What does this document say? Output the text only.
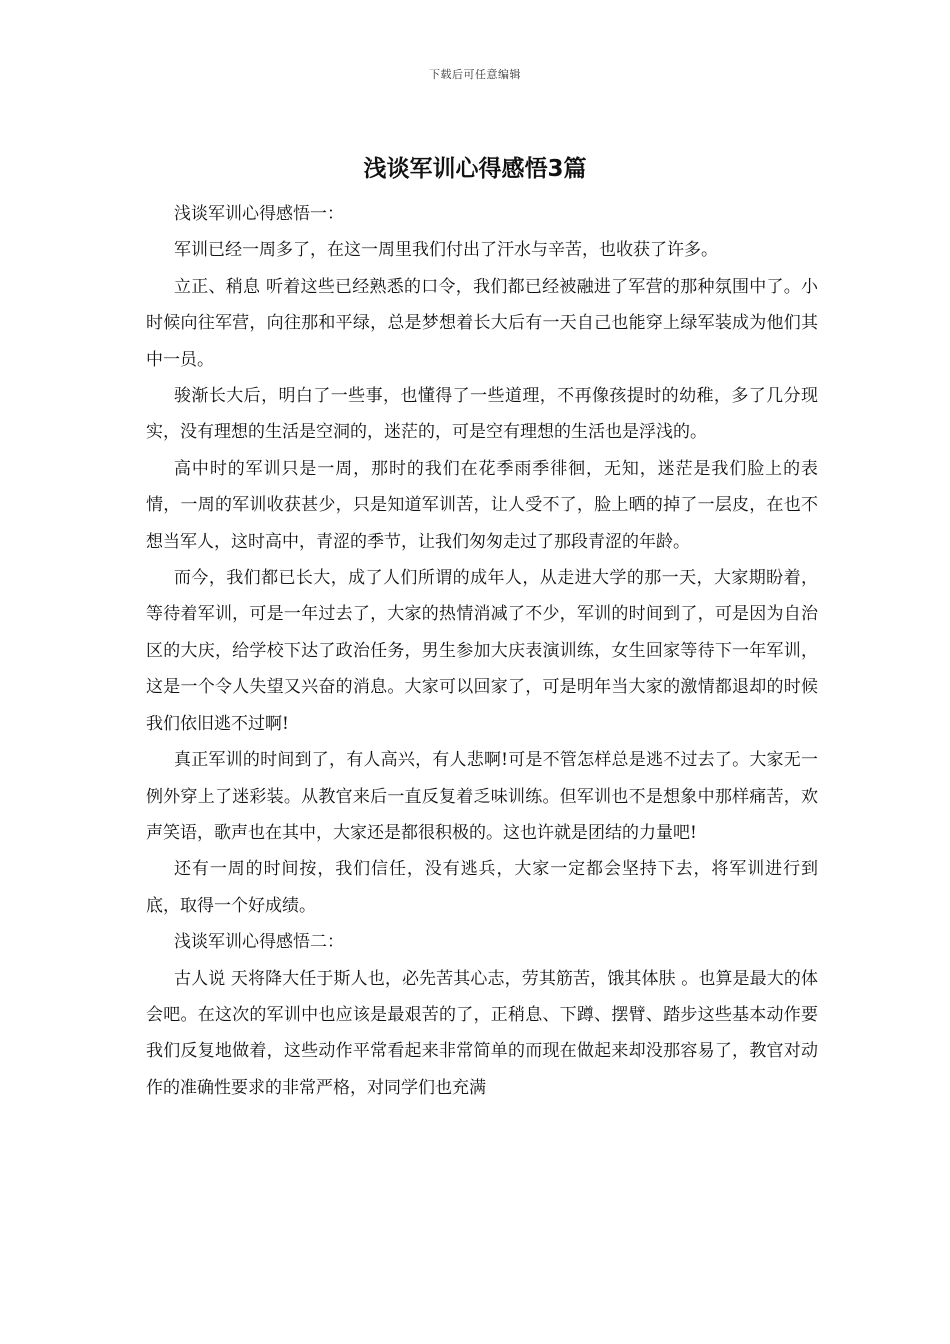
下载后可任意编辑
浅谈军训心得感悟3篇

浅谈军训心得感悟一：

军训已经一周多了，在这一周里我们付出了汗水与辛苦，也收获了许多。

立正、稍息 听着这些已经熟悉的口令，我们都已经被融进了军营的那种氛围中了。小时候向往军营，向往那和平绿，总是梦想着长大后有一天自己也能穿上绿军装成为他们其中一员。

骏渐长大后，明白了一些事，也懂得了一些道理，不再像孩提时的幼稚，多了几分现实，没有理想的生活是空洞的，迷茫的，可是空有理想的生活也是浮浅的。

高中时的军训只是一周，那时的我们在花季雨季徘徊，无知，迷茫是我们脸上的表情，一周的军训收获甚少，只是知道军训苦，让人受不了，脸上晒的掉了一层皮，在也不想当军人，这时高中，青涩的季节，让我们匆匆走过了那段青涩的年龄。

而今，我们都已长大，成了人们所谓的成年人，从走进大学的那一天，大家期盼着，等待着军训，可是一年过去了，大家的热情消减了不少，军训的时间到了，可是因为自治区的大庆，给学校下达了政治任务，男生参加大庆表演训练，女生回家等待下一年军训，这是一个令人失望又兴奋的消息。大家可以回家了，可是明年当大家的激情都退却的时候我们依旧逃不过啊!

真正军训的时间到了，有人高兴，有人悲啊!可是不管怎样总是逃不过去了。大家无一例外穿上了迷彩装。从教官来后一直反复着乏味训练。但军训也不是想象中那样痛苦，欢声笑语，歌声也在其中，大家还是都很积极的。这也许就是团结的力量吧!

还有一周的时间按，我们信任，没有逃兵，大家一定都会坚持下去，将军训进行到底，取得一个好成绩。

浅谈军训心得感悟二：

古人说 天将降大任于斯人也，必先苦其心志，劳其筋苦，饿其体肤 。也算是最大的体 会吧。在这次的军训中也应该是最艰苦的了，正稍息、下蹲、摆臂、踏步这些基本动作要我们反复地做着，这些动作平常看起来非常简单的而现在做起来却没那容易了，教官对动作的准确性要求的非常严格，对同学们也充满
